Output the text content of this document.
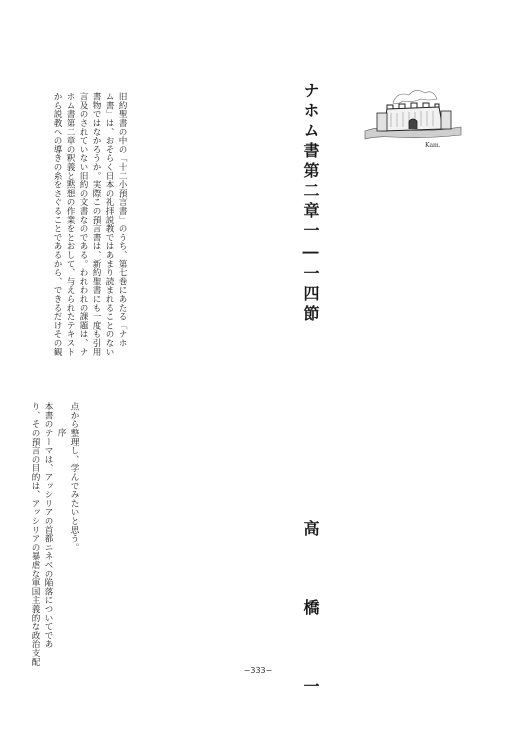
ナホム書第二章一―一四節
高 橋 一
旧約聖書の中の「十二小預言書」のうち、第七巻にあたる「ナホ
ム書」は、おそらく日本の礼拝説教ではあまり読まれることのない
書物ではなかろうか。実際この預言書は、新約聖書にも一度も引用
言及のされていない旧約の文書なのである。われわれの課題は、ナ
ホム書第二章の釈義と黙想の作業をとおして、与えられたテキスト
から説教への導きの糸をさぐることであるから、できるだけその観
点から整理し、学んでみたいと思う。
序
本書のテーマは、アッシリアの首都ニネベの陥落についてであ
り、その預言の目的は、アッシリアの暴虐な軍国主義的な政治支配
Kam.
−333−
